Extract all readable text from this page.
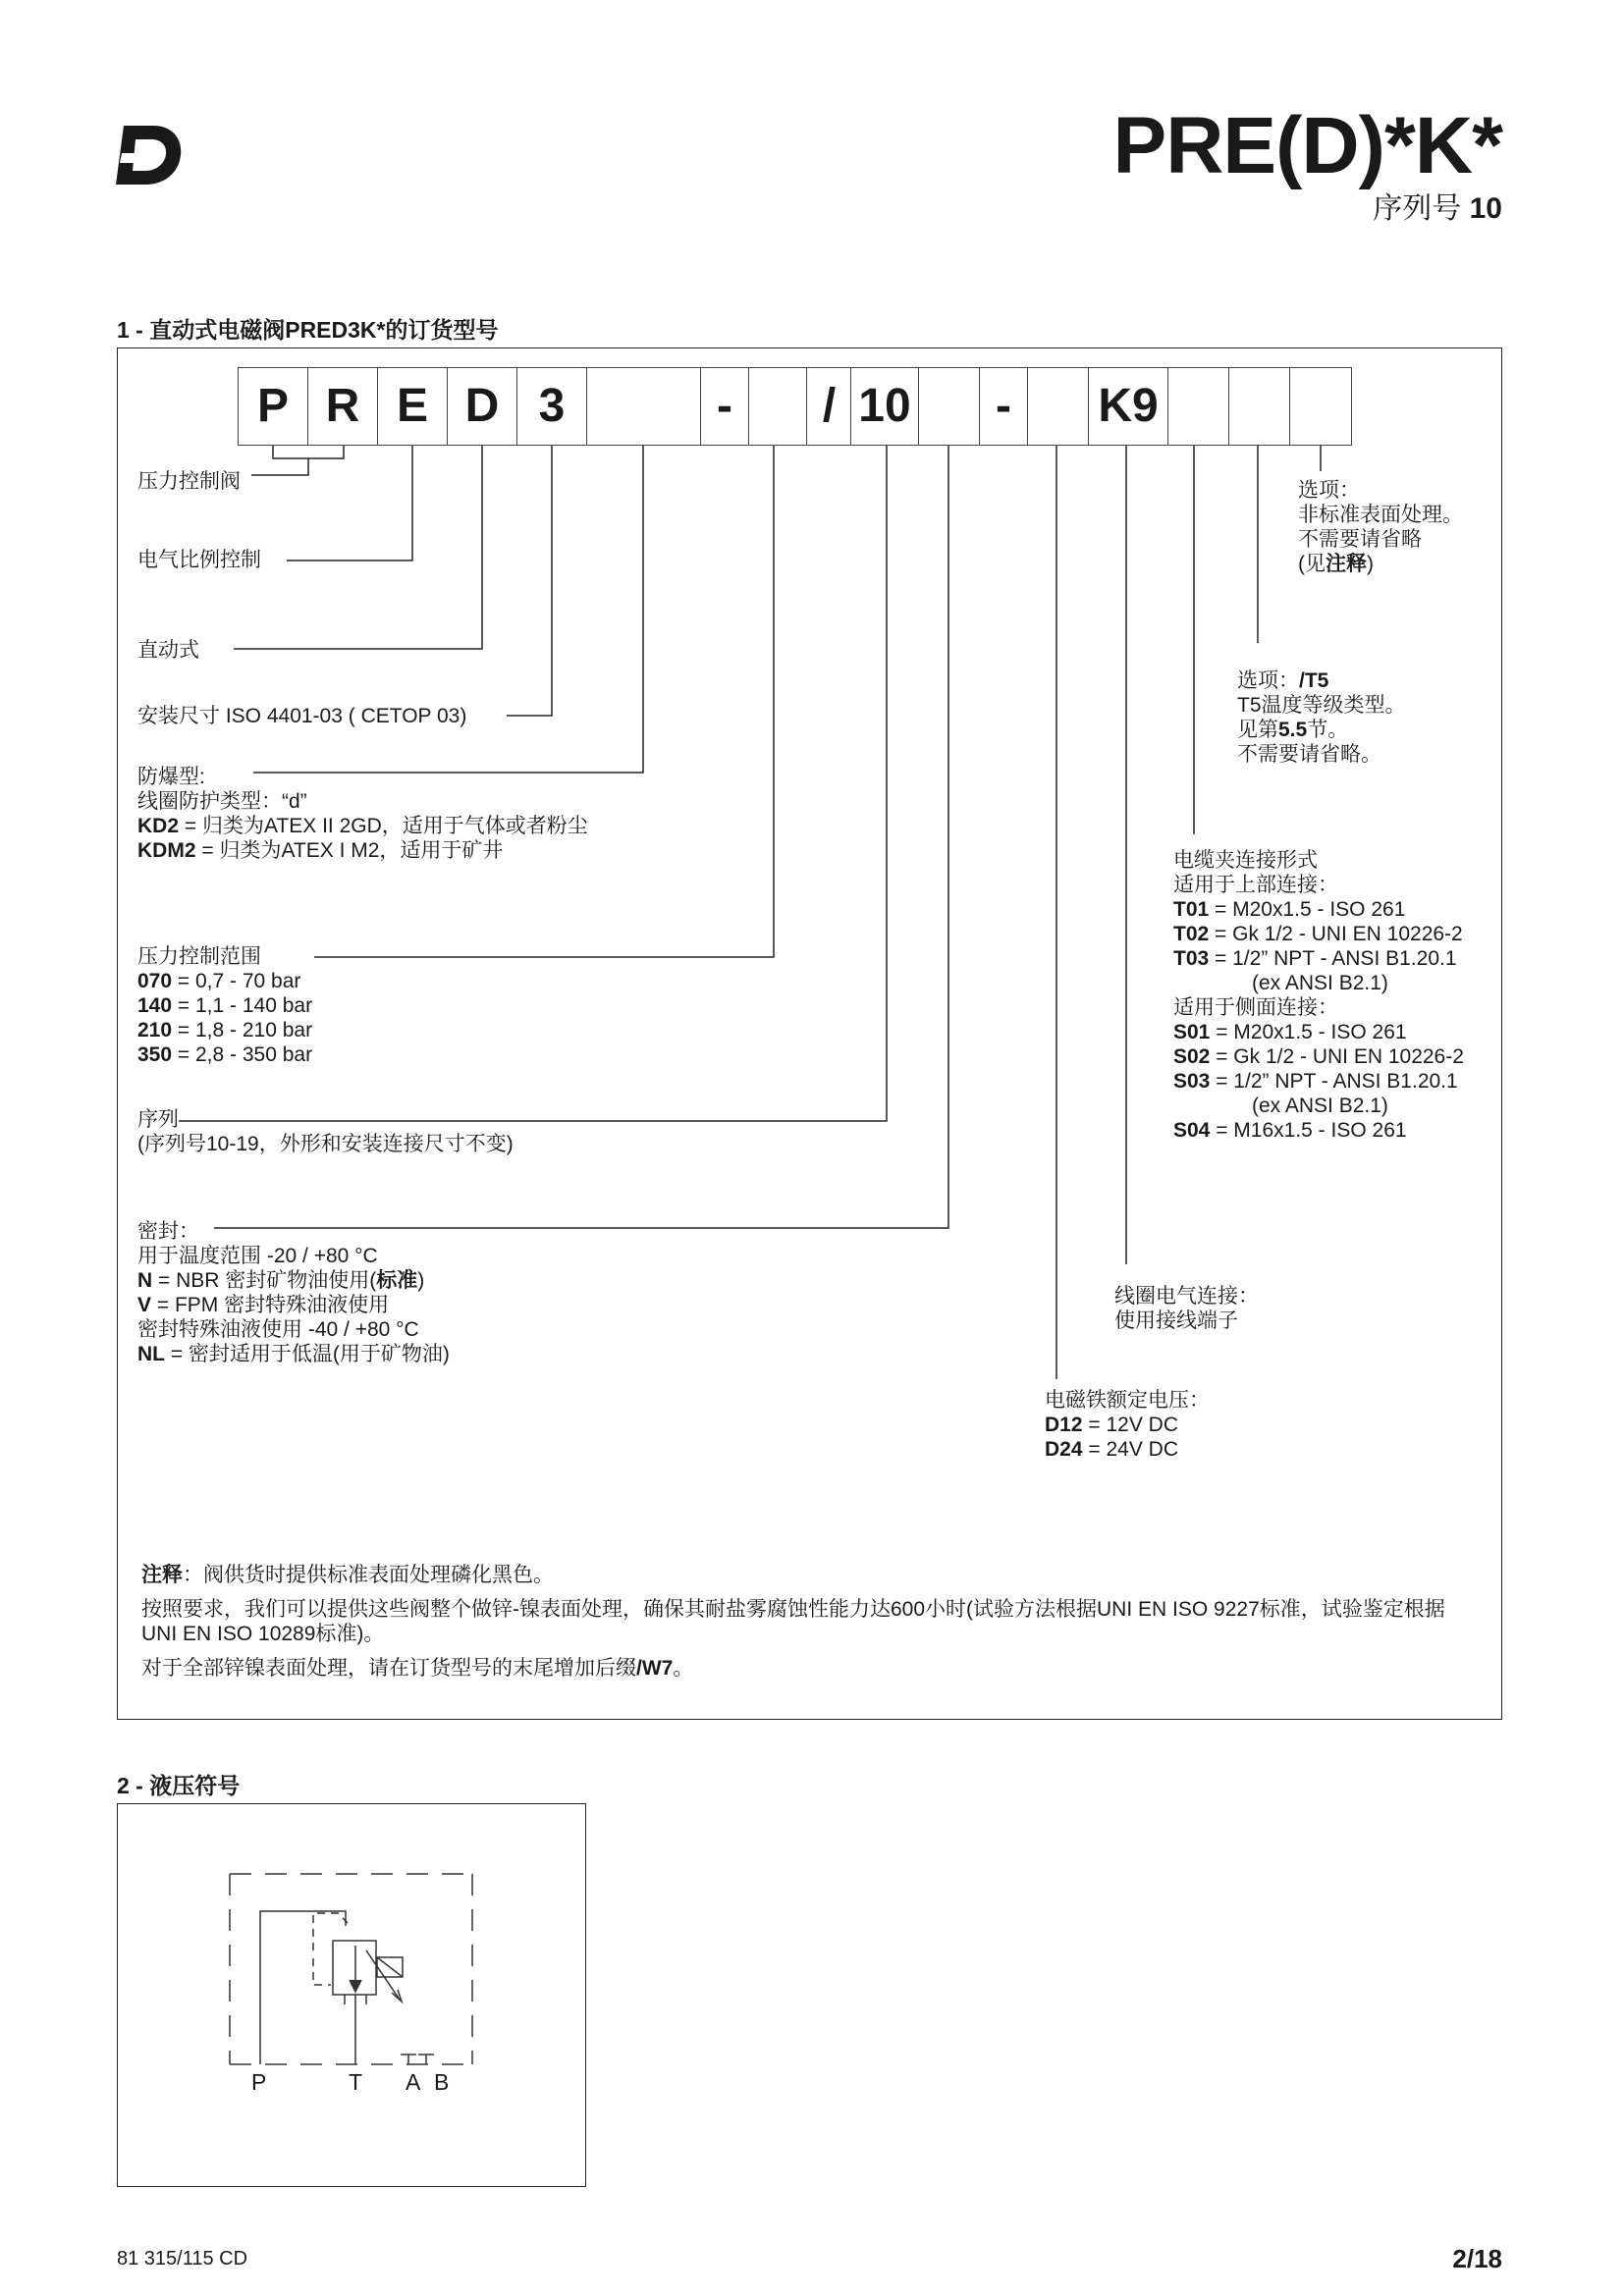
PRE(D)*K*
序列号 10
1 - 直动式电磁阀PRED3K*的订货型号
P R E D 3	-	/ 10	-	K9
压力控制阀
电气比例控制
直动式
安装尺寸 ISO 4401-03 ( CETOP 03)
防爆型:
线圈防护类型：“d”
KD2 = 归类为ATEX II 2GD，适用于气体或者粉尘
KDM2 = 归类为ATEX I M2，适用于矿井
压力控制范围
070 = 0,7 - 70 bar
140 = 1,1 - 140 bar
210 = 1,8 - 210 bar
350 = 2,8 - 350 bar
序列
(序列号10-19，外形和安装连接尺寸不变)
密封：
用于温度范围 -20 / +80 °C
N = NBR 密封矿物油使用(标准)
V = FPM 密封特殊油液使用
密封特殊油液使用 -40 / +80 °C
NL = 密封适用于低温(用于矿物油)
选项：
非标准表面处理。
不需要请省略
(见注释)
选项：/T5
T5温度等级类型。
见第5.5节。
不需要请省略。
电缆夹连接形式
适用于上部连接：
T01 = M20x1.5 - ISO 261
T02 = Gk 1/2 - UNI EN 10226-2
T03 = 1/2” NPT - ANSI B1.20.1
(ex ANSI B2.1)
适用于侧面连接：
S01 = M20x1.5 - ISO 261
S02 = Gk 1/2 - UNI EN 10226-2
S03 = 1/2” NPT - ANSI B1.20.1
(ex ANSI B2.1)
S04 = M16x1.5 - ISO 261
线圈电气连接：
使用接线端子
电磁铁额定电压：
D12 = 12V DC
D24 = 24V DC

注释：阀供货时提供标准表面处理磷化黑色。

按照要求，我们可以提供这些阀整个做锌-镍表面处理，确保其耐盐雾腐蚀性能力达600小时(试验方法根据UNI EN ISO 9227标准，试验鉴定根据UNI EN ISO 10289标准)。

对于全部锌镍表面处理，请在订货型号的末尾增加后缀/W7。

2 - 液压符号
P	T A B
81 315/115 CD	2/18
